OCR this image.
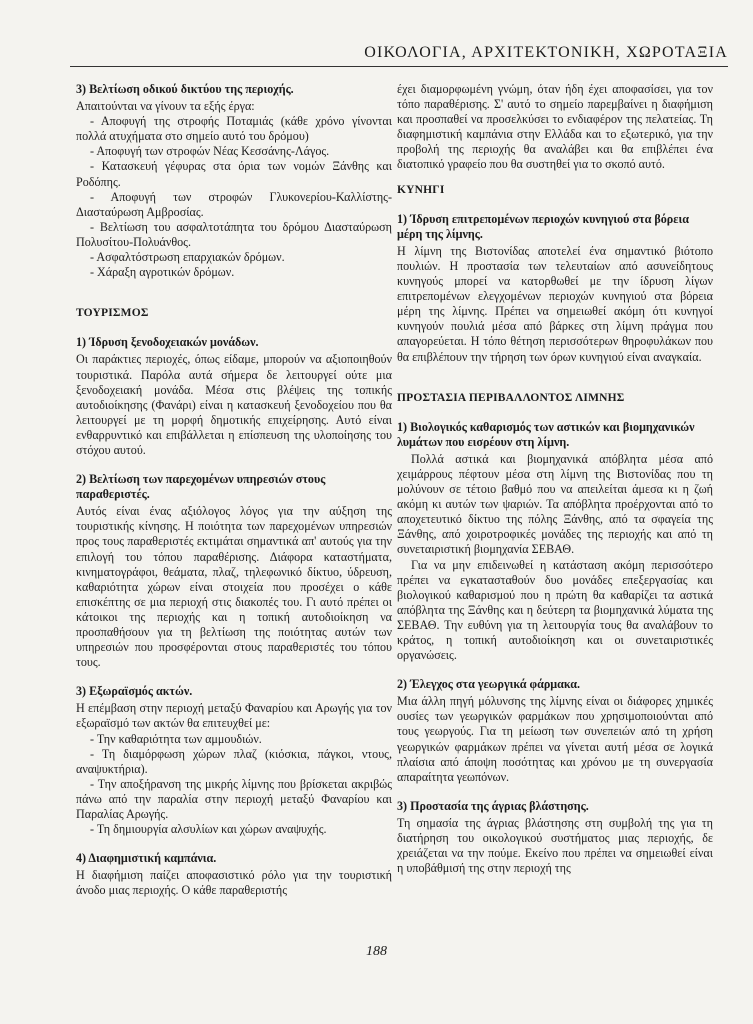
ΟΙΚΟΛΟΓΙΑ, ΑΡΧΙΤΕΚΤΟΝΙΚΗ, ΧΩΡΟΤΑΞΙΑ
3) Βελτίωση οδικού δικτύου της περιοχής.

Απαιτούνται να γίνουν τα εξής έργα:

- Αποφυγή της στροφής Ποταμιάς (κάθε χρόνο γίνονται πολλά ατυχήματα στο σημείο αυτό του δρόμου)

- Αποφυγή των στροφών Νέας Κεσσάνης-Λάγος.

- Κατασκευή γέφυρας στα όρια των νομών Ξάνθης και Ροδόπης.

- Αποφυγή των στροφών Γλυκονερίου-Καλλίστης-Διασταύρωση Αμβροσίας.

- Βελτίωση του ασφαλτοτάπητα του δρόμου Διασταύρωση Πολυσίτου-Πολυάνθος.

- Ασφαλτόστρωση επαρχιακών δρόμων.

- Χάραξη αγροτικών δρόμων.

ΤΟΥΡΙΣΜΟΣ
1) Ίδρυση ξενοδοχειακών μονάδων.

Οι παράκτιες περιοχές, όπως είδαμε, μπορούν να αξιοποιηθούν τουριστικά. Παρόλα αυτά σήμερα δε λειτουργεί ούτε μια ξενοδοχειακή μονάδα. Μέσα στις βλέψεις της τοπικής αυτοδιοίκησης (Φανάρι) είναι η κατασκευή ξενοδοχείου που θα λειτουργεί με τη μορφή δημοτικής επιχείρησης. Αυτό είναι ενθαρρυντικό και επιβάλλεται η επίσπευση της υλοποίησης του στόχου αυτού.

2) Βελτίωση των παρεχομένων υπηρεσιών στους παραθεριστές.

Αυτός είναι ένας αξιόλογος λόγος για την αύξηση της τουριστικής κίνησης. Η ποιότητα των παρεχομένων υπηρεσιών προς τους παραθεριστές εκτιμάται σημαντικά απ' αυτούς για την επιλογή του τόπου παραθέρισης. Διάφορα καταστήματα, κινηματογράφοι, θεάματα, πλαζ, τηλεφωνικό δίκτυο, ύδρευση, καθαριότητα χώρων είναι στοιχεία που προσέχει ο κάθε επισκέπτης σε μια περιοχή στις διακοπές του. Γι αυτό πρέπει οι κάτοικοι της περιοχής και η τοπική αυτοδιοίκηση να προσπαθήσουν για τη βελτίωση της ποιότητας αυτών των υπηρεσιών που προσφέρονται στους παραθεριστές του τόπου τους.

3) Εξωραϊσμός ακτών.

Η επέμβαση στην περιοχή μεταξύ Φαναρίου και Αρωγής για τον εξωραϊσμό των ακτών θα επιτευχθεί με:

- Την καθαριότητα των αμμουδιών.

- Τη διαμόρφωση χώρων πλαζ (κιόσκια, πάγκοι, ντους, αναψυκτήρια).

- Την αποξήρανση της μικρής λίμνης που βρίσκεται ακριβώς πάνω από την παραλία στην περιοχή μεταξύ Φαναρίου και Παραλίας Αρωγής.

- Τη δημιουργία αλσυλίων και χώρων αναψυχής.

4) Διαφημιστική καμπάνια.

Η διαφήμιση παίζει αποφασιστικό ρόλο για την τουριστική άνοδο μιας περιοχής. Ο κάθε παραθεριστής

έχει διαμορφωμένη γνώμη, όταν ήδη έχει αποφασίσει, για τον τόπο παραθέρισης. Σ' αυτό το σημείο παρεμβαίνει η διαφήμιση και προσπαθεί να προσελκύσει το ενδιαφέρον της πελατείας. Τη διαφημιστική καμπάνια στην Ελλάδα και το εξωτερικό, για την προβολή της περιοχής θα αναλάβει και θα επιβλέπει ένα διατοπικό γραφείο που θα συστηθεί για το σκοπό αυτό.

ΚΥΝΗΓΙ
1) Ίδρυση επιτρεπομένων περιοχών κυνηγιού στα βόρεια μέρη της λίμνης.

Η λίμνη της Βιστονίδας αποτελεί ένα σημαντικό βιότοπο πουλιών. Η προστασία των τελευταίων από ασυνείδητους κυνηγούς μπορεί να κατορθωθεί με την ίδρυση λίγων επιτρεπομένων ελεγχομένων περιοχών κυνηγιού στα βόρεια μέρη της λίμνης. Πρέπει να σημειωθεί ακόμη ότι κυνηγοί κυνηγούν πουλιά μέσα από βάρκες στη λίμνη πράγμα που απαγορεύεται. Η τόπο θέτηση περισσότερων θηροφυλάκων που θα επιβλέπουν την τήρηση των όρων κυνηγιού είναι αναγκαία.

ΠΡΟΣΤΑΣΙΑ ΠΕΡΙΒΑΛΛΟΝΤΟΣ ΛΙΜΝΗΣ
1) Βιολογικός καθαρισμός των αστικών και βιομηχανικών λυμάτων που εισρέουν στη λίμνη.

Πολλά αστικά και βιομηχανικά απόβλητα μέσα από χειμάρρους πέφτουν μέσα στη λίμνη της Βιστονίδας που τη μολύνουν σε τέτοιο βαθμό που να απειλείται άμεσα κι η ζωή ακόμη κι αυτών των ψαριών. Τα απόβλητα προέρχονται από το αποχετευτικό δίκτυο της πόλης Ξάνθης, από τα σφαγεία της Ξάνθης, από χοιροτροφικές μονάδες της περιοχής και από τη συνεταιριστική βιομηχανία ΣΕΒΑΘ.

Για να μην επιδεινωθεί η κατάσταση ακόμη περισσότερο πρέπει να εγκατασταθούν δυο μονάδες επεξεργασίας και βιολογικού καθαρισμού που η πρώτη θα καθαρίζει τα αστικά απόβλητα της Ξάνθης και η δεύτερη τα βιομηχανικά λύματα της ΣΕΒΑΘ. Την ευθύνη για τη λειτουργία τους θα αναλάβουν το κράτος, η τοπική αυτοδιοίκηση και οι συνεταιριστικές οργανώσεις.

2) Έλεγχος στα γεωργικά φάρμακα.

Μια άλλη πηγή μόλυνσης της λίμνης είναι οι διάφορες χημικές ουσίες των γεωργικών φαρμάκων που χρησιμοποιούνται από τους γεωργούς. Για τη μείωση των συνεπειών από τη χρήση γεωργικών φαρμάκων πρέπει να γίνεται αυτή μέσα σε λογικά πλαίσια από άποψη ποσότητας και χρόνου με τη συνεργασία απαραίτητα γεωπόνων.

3) Προστασία της άγριας βλάστησης.

Τη σημασία της άγριας βλάστησης στη συμβολή της για τη διατήρηση του οικολογικού συστήματος μιας περιοχής, δε χρειάζεται να την πούμε. Εκείνο που πρέπει να σημειωθεί είναι η υποβάθμισή της στην περιοχή της

188
